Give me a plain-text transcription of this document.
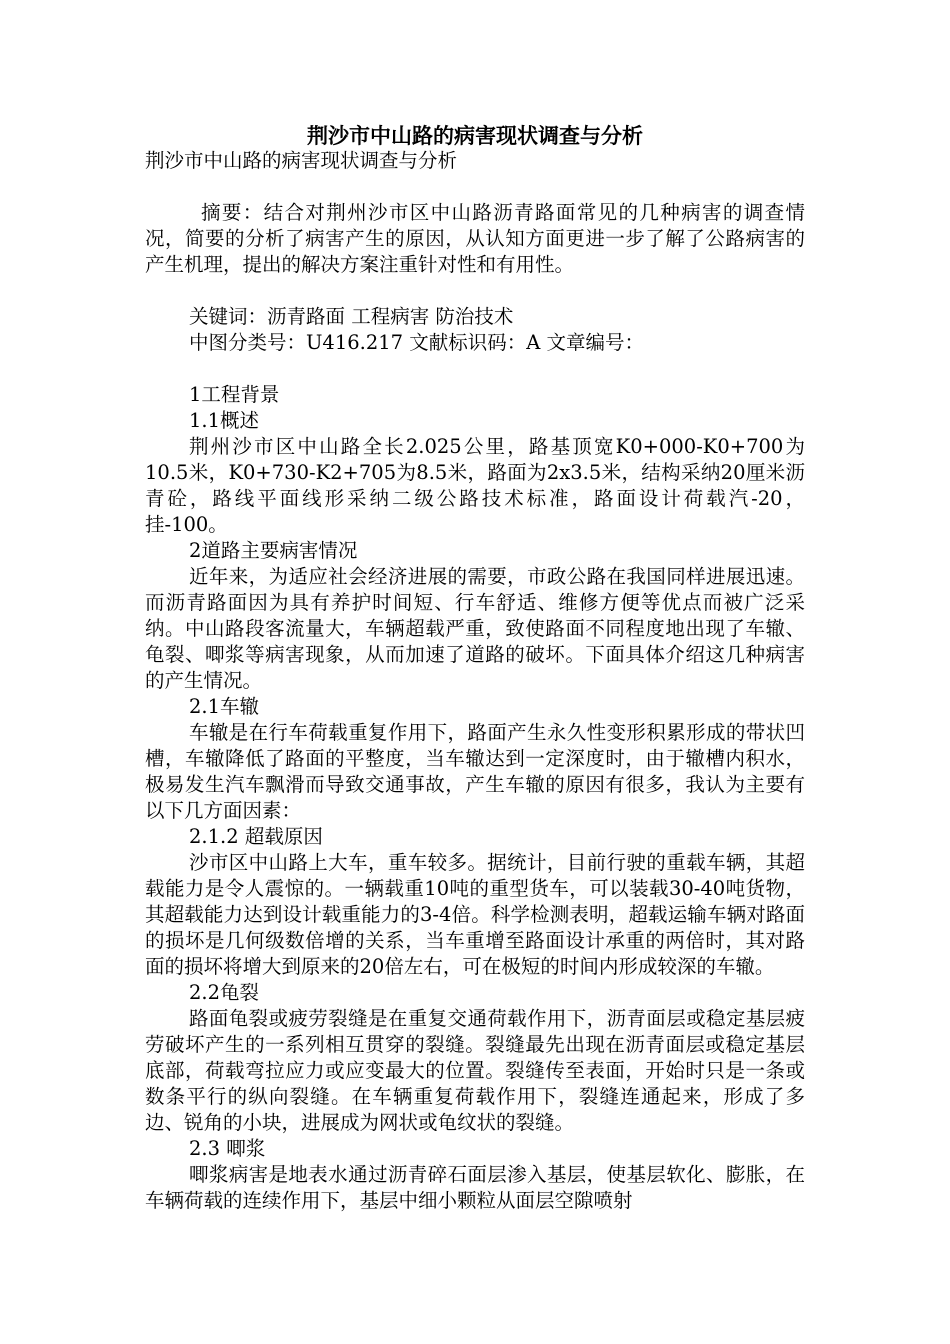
荆沙市中山路的病害现状调查与分析

荆沙市中山路的病害现状调查与分析

摘要：结合对荆州沙市区中山路沥青路面常见的几种病害的调查情况，简要的分析了病害产生的原因，从认知方面更进一步了解了公路病害的产生机理，提出的解决方案注重针对性和有用性。

关键词：沥青路面 工程病害 防治技术

中图分类号：U416.217 文献标识码：A 文章编号：

1工程背景

1.1概述

荆州沙市区中山路全长2.025公里，路基顶宽K0+000-K0+700为10.5米，K0+730-K2+705为8.5米，路面为2x3.5米，结构采纳20厘米沥青砼，路线平面线形采纳二级公路技术标准，路面设计荷载汽-20，挂-100。

2道路主要病害情况

近年来，为适应社会经济进展的需要，市政公路在我国同样进展迅速。而沥青路面因为具有养护时间短、行车舒适、维修方便等优点而被广泛采纳。中山路段客流量大，车辆超载严重，致使路面不同程度地出现了车辙、龟裂、唧浆等病害现象，从而加速了道路的破坏。下面具体介绍这几种病害的产生情况。

2.1车辙

车辙是在行车荷载重复作用下，路面产生永久性变形积累形成的带状凹槽，车辙降低了路面的平整度，当车辙达到一定深度时，由于辙槽内积水，极易发生汽车飘滑而导致交通事故，产生车辙的原因有很多，我认为主要有以下几方面因素：

2.1.2 超载原因

沙市区中山路上大车，重车较多。据统计，目前行驶的重载车辆，其超载能力是令人震惊的。一辆载重10吨的重型货车，可以装载30-40吨货物，其超载能力达到设计载重能力的3-4倍。科学检测表明，超载运输车辆对路面的损坏是几何级数倍增的关系，当车重增至路面设计承重的两倍时，其对路面的损坏将增大到原来的20倍左右，可在极短的时间内形成较深的车辙。

2.2龟裂

路面龟裂或疲劳裂缝是在重复交通荷载作用下，沥青面层或稳定基层疲劳破坏产生的一系列相互贯穿的裂缝。裂缝最先出现在沥青面层或稳定基层底部，荷载弯拉应力或应变最大的位置。裂缝传至表面，开始时只是一条或数条平行的纵向裂缝。在车辆重复荷载作用下，裂缝连通起来，形成了多边、锐角的小块，进展成为网状或龟纹状的裂缝。

2.3 唧浆

唧浆病害是地表水通过沥青碎石面层渗入基层，使基层软化、膨胀，在车辆荷载的连续作用下，基层中细小颗粒从面层空隙喷射
